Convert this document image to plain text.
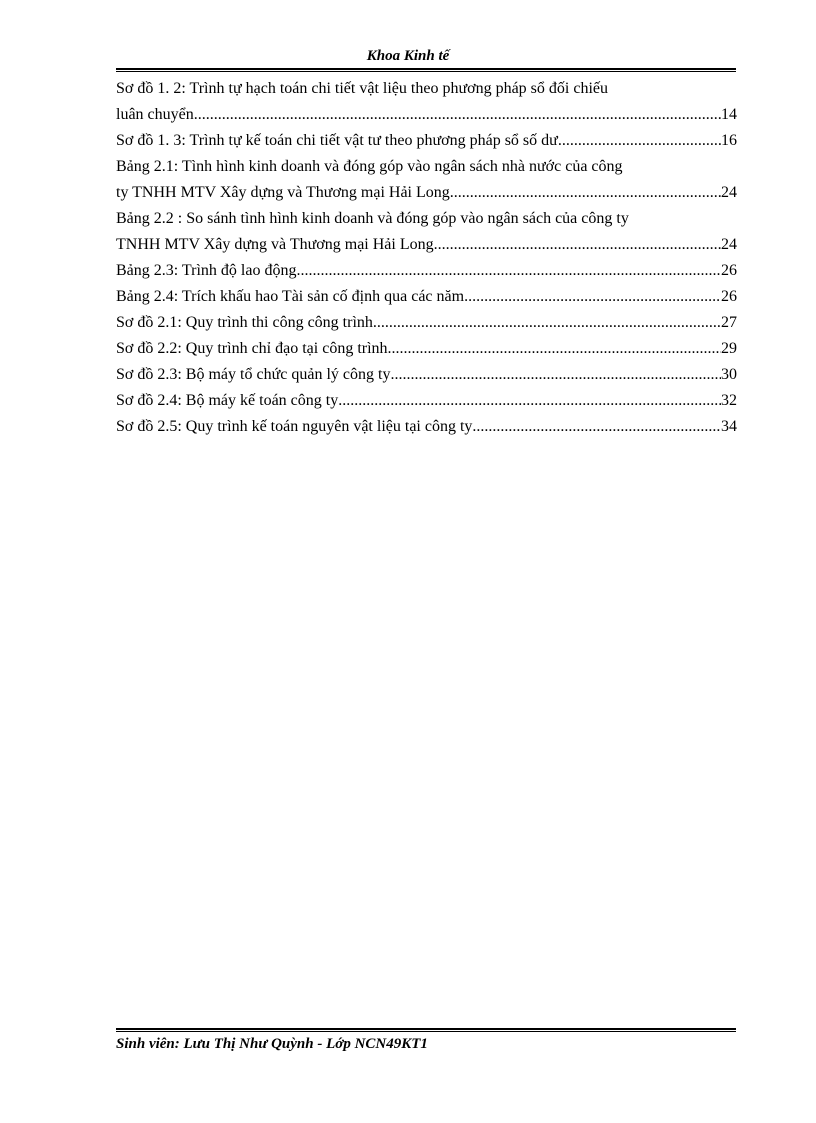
Khoa Kinh tế
Sơ đồ 1. 2: Trình tự hạch toán chi tiết vật liệu theo phương pháp sổ đối chiếu
luân chuyển .....	14
Sơ đồ 1. 3: Trình tự kế toán chi tiết vật tư theo phương pháp sổ số dư .....	16
Bảng 2.1: Tình hình kinh doanh và đóng góp vào ngân sách nhà nước của công
ty TNHH MTV Xây dựng và Thương mại Hải Long .....	24
Bảng 2.2 : So sánh tình hình kinh doanh và đóng góp vào ngân sách của công ty
TNHH MTV Xây dựng và Thương mại Hải Long .....	24
Bảng 2.3: Trình độ lao động .....	26
Bảng 2.4: Trích khấu hao Tài sản cố định qua các năm .....	26
Sơ đồ 2.1: Quy trình thi công công trình .....	27
Sơ đồ 2.2: Quy trình chỉ đạo tại công trình .....	29
Sơ đồ 2.3: Bộ máy tổ chức quản lý công ty .....	30
Sơ đồ 2.4: Bộ máy kế toán công ty .....	32
Sơ đồ 2.5: Quy trình kế toán nguyên vật liệu tại công ty .....	34
Sinh viên: Lưu Thị Như Quỳnh - Lớp NCN49KT1
